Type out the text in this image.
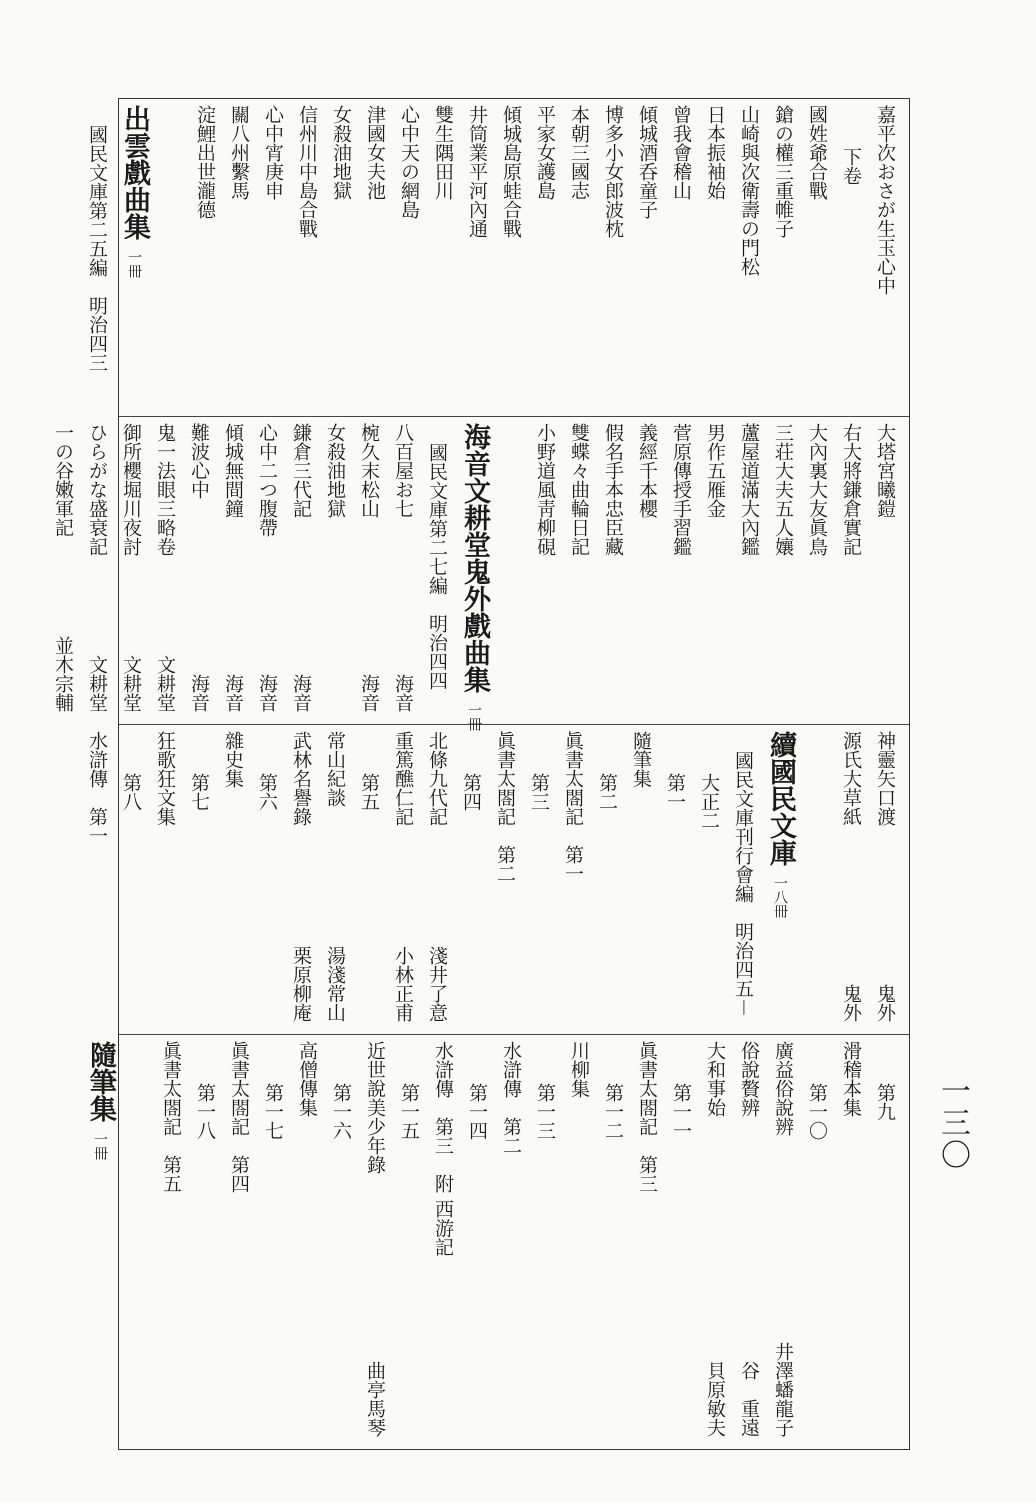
一三〇
嘉平次おさが生玉心中
下卷
國姓爺合戰
鎗の權三重帷子
山崎與次衛壽の門松
日本振袖始
曾我會稽山
傾城酒呑童子
博多小女郎波枕
本朝三國志
平家女護島
傾城島原蛙合戰
井筒業平河內通
雙生隅田川
心中天の網島
津國女夫池
女殺油地獄
信州川中島合戰
心中宵庚申
關八州繫馬
淀鯉出世瀧德
出雲戲曲集
一冊
國民文庫第二五編　明治四三
大塔宮曦鎧
右大將鎌倉實記
大內裏大友眞鳥
三荘大夫五人孃
蘆屋道滿大內鑑
男作五雁金
菅原傳授手習鑑
義經千本櫻
假名手本忠臣藏
雙蝶々曲輪日記
小野道風靑柳硯
海音文耕堂鬼外戲曲集
一冊
國民文庫第二七編　明治四四
八百屋お七
海音
椀久末松山
海音
女殺油地獄
鎌倉三代記
海音
心中二つ腹帶
海音
傾城無間鐘
海音
難波心中
海音
鬼一法眼三略卷
文耕堂
御所櫻堀川夜討
文耕堂
ひらがな盛衰記
文耕堂
一の谷嫩軍記
並木宗輔
神靈矢口渡
鬼外
源氏大草紙
鬼外
續國民文庫
一八冊
國民文庫刊行會編　明治四五－
大正二
第一
隨筆集
第二
眞書太閤記　第一
第三
眞書太閤記　第二
第四
北條九代記
淺井了意
重篤醮仁記
小林正甫
第五
常山紀談
湯淺常山
武林名譽錄
栗原柳庵
第六
雜史集
第七
狂歌狂文集
第八
水滸傳　第一
第九
滑稽本集
第一〇
廣益俗說辨
井澤蟠龍子
俗說贅辨
谷　重遠
大和事始
貝原敏夫
第一一
眞書太閤記　第三
第一二
川柳集
第一三
水滸傳　第二
第一四
水滸傳　第三　附 西游記
第一五
近世說美少年錄
曲亭馬琴
第一六
高僧傳集
第一七
眞書太閤記　第四
第一八
眞書太閤記　第五
隨筆集
一冊
